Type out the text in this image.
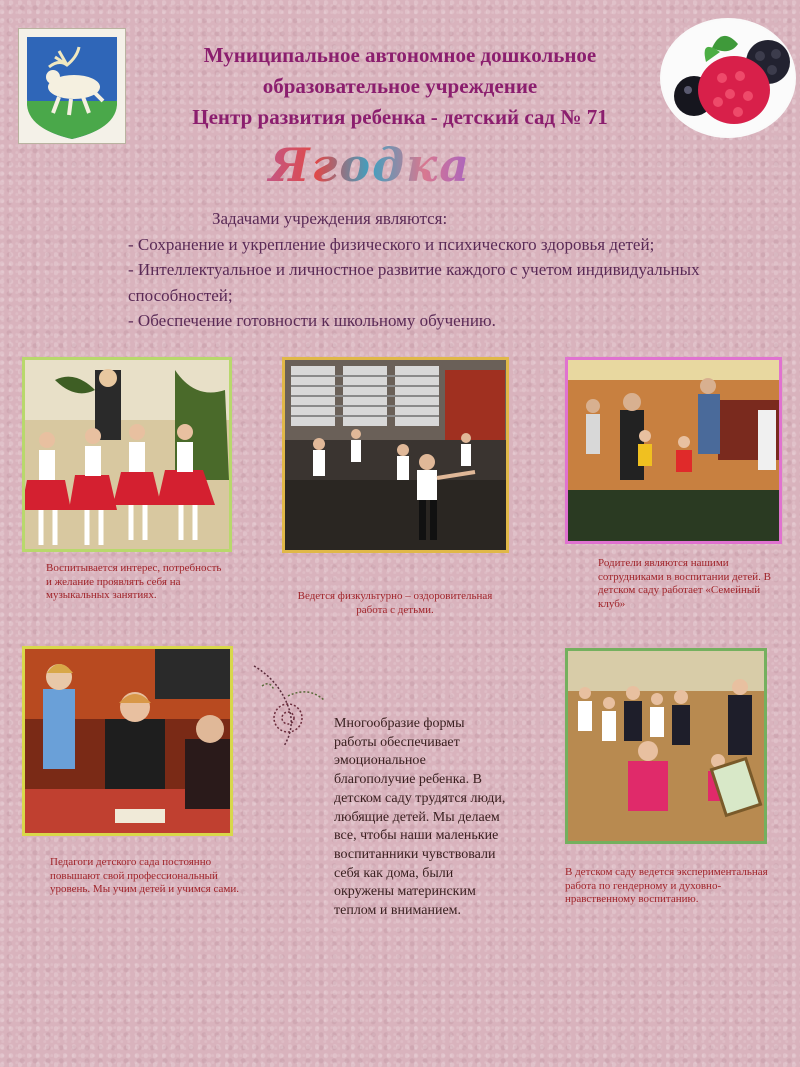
Муниципальное автономное дошкольное
образовательное учреждение
Центр развития ребенка - детский сад № 71
Ягодка
Задачами учреждения являются:
- Сохранение и укрепление физического и психического здоровья детей;
- Интеллектуальное и личностное развитие каждого с учетом индивидуальных способностей;
- Обеспечение готовности к школьному обучению.
Многообразие формы работы обеспечивает эмоциональное благополучие ребенка. В детском саду трудятся люди, любящие детей. Мы делаем все, чтобы наши маленькие воспитанники чувствовали себя как дома, были окружены материнским теплом и вниманием.
Воспитывается интерес, потребность и желание проявлять себя на музыкальных занятиях.	Ведется физкультурно – оздоровительная работа с детьми.
Родители являются нашими сотрудниками в воспитании детей. В детском саду работает «Семейный клуб»
Педагоги детского сада постоянно повышают свой профессиональный уровень. Мы учим детей и учимся сами.
В детском саду ведется экспериментальная работа по гендерному и духовно-нравственному воспитанию.
